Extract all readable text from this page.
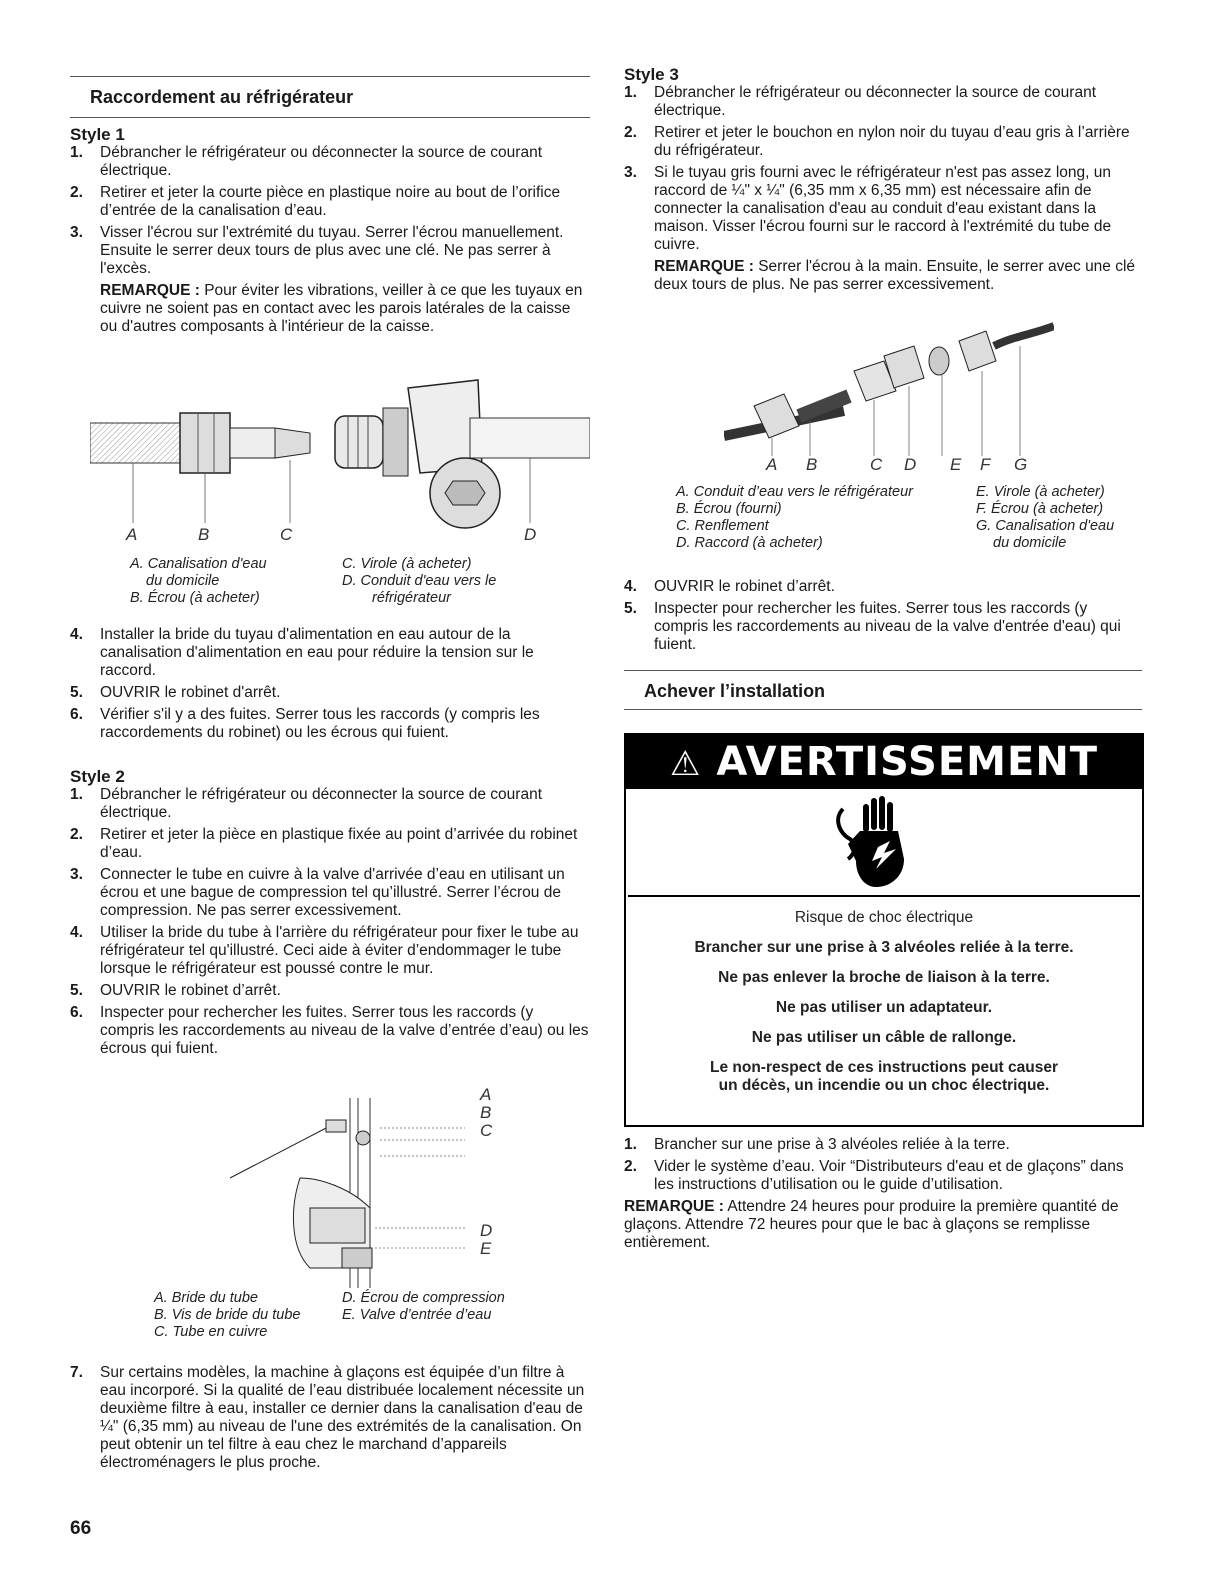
Raccordement au réfrigérateur
Style 1
1. Débrancher le réfrigérateur ou déconnecter la source de courant électrique.
2. Retirer et jeter la courte pièce en plastique noire au bout de l’orifice d’entrée de la canalisation d’eau.
3. Visser l'écrou sur l'extrémité du tuyau. Serrer l'écrou manuellement. Ensuite le serrer deux tours de plus avec une clé. Ne pas serrer à l'excès.
REMARQUE : Pour éviter les vibrations, veiller à ce que les tuyaux en cuivre ne soient pas en contact avec les parois latérales de la caisse ou d'autres composants à l'intérieur de la caisse.
A	B	C	D
A. Canalisation d'eau
du domicile
B. Écrou (à acheter)
C. Virole (à acheter)
D. Conduit d'eau vers le
réfrigérateur
4. Installer la bride du tuyau d'alimentation en eau autour de la canalisation d'alimentation en eau pour réduire la tension sur le raccord.
5. OUVRIR le robinet d'arrêt.
6. Vérifier s'il y a des fuites. Serrer tous les raccords (y compris les raccordements du robinet) ou les écrous qui fuient.
Style 2
1. Débrancher le réfrigérateur ou déconnecter la source de courant électrique.
2. Retirer et jeter la pièce en plastique fixée au point d’arrivée du robinet d’eau.
3. Connecter le tube en cuivre à la valve d'arrivée d’eau en utilisant un écrou et une bague de compression tel qu’illustré. Serrer l’écrou de compression. Ne pas serrer excessivement.
4. Utiliser la bride du tube à l'arrière du réfrigérateur pour fixer le tube au réfrigérateur tel qu'illustré. Ceci aide à éviter d’endommager le tube lorsque le réfrigérateur est poussé contre le mur.
5. OUVRIR le robinet d’arrêt.
6. Inspecter pour rechercher les fuites. Serrer tous les raccords (y compris les raccordements au niveau de la valve d’entrée d’eau) ou les écrous qui fuient.
A
B
C
D
E
A. Bride du tube
B. Vis de bride du tube
C. Tube en cuivre
D. Écrou de compression
E. Valve d’entrée d’eau
7. Sur certains modèles, la machine à glaçons est équipée d’un filtre à eau incorporé. Si la qualité de l’eau distribuée localement nécessite un deuxième filtre à eau, installer ce dernier dans la canalisation d'eau de ¼" (6,35 mm) au niveau de l'une des extrémités de la canalisation. On peut obtenir un tel filtre à eau chez le marchand d’appareils électroménagers le plus proche.
Style 3
1. Débrancher le réfrigérateur ou déconnecter la source de courant électrique.
2. Retirer et jeter le bouchon en nylon noir du tuyau d’eau gris à l’arrière du réfrigérateur.
3. Si le tuyau gris fourni avec le réfrigérateur n'est pas assez long, un raccord de ¼" x ¼" (6,35 mm x 6,35 mm) est nécessaire afin de connecter la canalisation d'eau au conduit d'eau existant dans la maison. Visser l'écrou fourni sur le raccord à l'extrémité du tube de cuivre.
REMARQUE : Serrer l'écrou à la main. Ensuite, le serrer avec une clé deux tours de plus. Ne pas serrer excessivement.
A B	C D E F G
A. Conduit d’eau vers le réfrigérateur
B. Écrou (fourni)
C. Renflement
D. Raccord (à acheter)
E. Virole (à acheter)
F. Écrou (à acheter)
G. Canalisation d'eau
du domicile
4. OUVRIR le robinet d’arrêt.
5. Inspecter pour rechercher les fuites. Serrer tous les raccords (y compris les raccordements au niveau de la valve d'entrée d'eau) qui fuient.
Achever l’installation
1. Brancher sur une prise à 3 alvéoles reliée à la terre.
2. Vider le système d’eau. Voir “Distributeurs d'eau et de glaçons” dans les instructions d’utilisation ou le guide d’utilisation.

REMARQUE : Attendre 24 heures pour produire la première quantité de glaçons. Attendre 72 heures pour que le bac à glaçons se remplisse entièrement.

⚠ AVERTISSEMENT
Risque de choc électrique
Brancher sur une prise à 3 alvéoles reliée à la terre.
Ne pas enlever la broche de liaison à la terre.
Ne pas utiliser un adaptateur.
Ne pas utiliser un câble de rallonge.
Le non-respect de ces instructions peut causer
un décès, un incendie ou un choc électrique.
66
